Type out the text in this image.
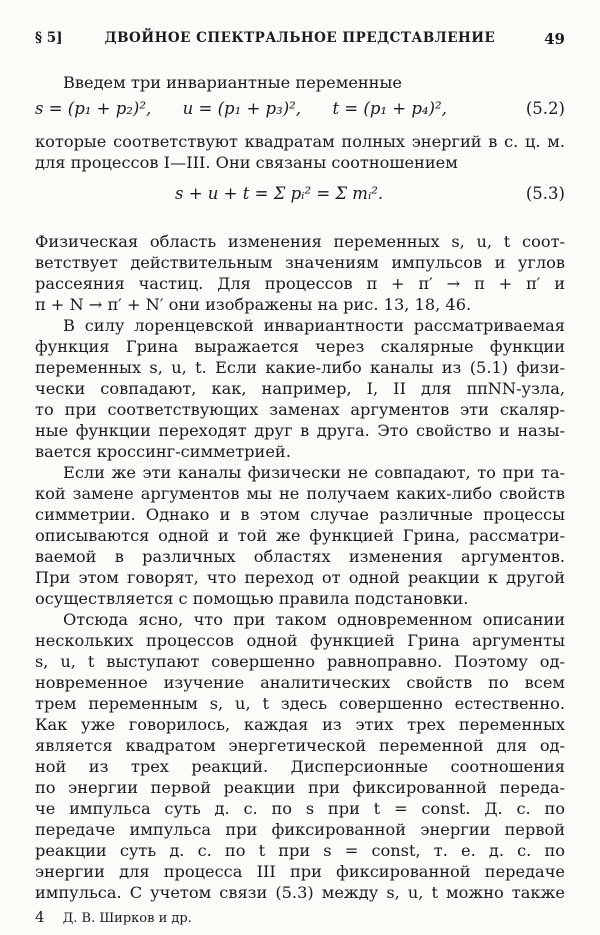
§ 5]	ДВОЙНОЕ СПЕКТРАЛЬНОЕ ПРЕДСТАВЛЕНИЕ	49

Введем три инвариантные переменные

s = (p₁ + p₂)²,      u = (p₁ + p₃)²,      t = (p₁ + p₄)²,	(5.2)

которые соответствуют квадратам полных энергий в с. ц. м.

для процессов I—III. Они связаны соотношением

s + u + t = Σ pᵢ² = Σ mᵢ².	(5.3)

Физическая область изменения переменных s, u, t соот-

ветствует действительным значениям импульсов и углов

рассеяния частиц. Для процессов π + π′ → π + π′ и

π + N → π′ + N′ они изображены на рис. 13, 18, 46.

В силу лоренцевской инвариантности рассматриваемая

функция Грина выражается через скалярные функции

переменных s, u, t. Если какие-либо каналы из (5.1) физи-

чески совпадают, как, например, I, II для ππNN-узла,

то при соответствующих заменах аргументов эти скаляр-

ные функции переходят друг в друга. Это свойство и назы-

вается кроссинг-симметрией.

Если же эти каналы физически не совпадают, то при та-

кой замене аргументов мы не получаем каких-либо свойств

симметрии. Однако и в этом случае различные процессы

описываются одной и той же функцией Грина, рассматри-

ваемой в различных областях изменения аргументов.

При этом говорят, что переход от одной реакции к другой

осуществляется с помощью правила подстановки.

Отсюда ясно, что при таком одновременном описании

нескольких процессов одной функцией Грина аргументы

s, u, t выступают совершенно равноправно. Поэтому од-

новременное изучение аналитических свойств по всем

трем переменным s, u, t здесь совершенно естественно.

Как уже говорилось, каждая из этих трех переменных

является квадратом энергетической переменной для од-

ной из трех реакций. Дисперсионные соотношения

по энергии первой реакции при фиксированной переда-

че импульса суть д. с. по s при t = const. Д. с. по

передаче импульса при фиксированной энергии первой

реакции суть д. с. по t при s = const, т. е. д. с. по

энергии для процесса III при фиксированной передаче

импульса. С учетом связи (5.3) между s, u, t можно также

4 Д. В. Ширков и др.
